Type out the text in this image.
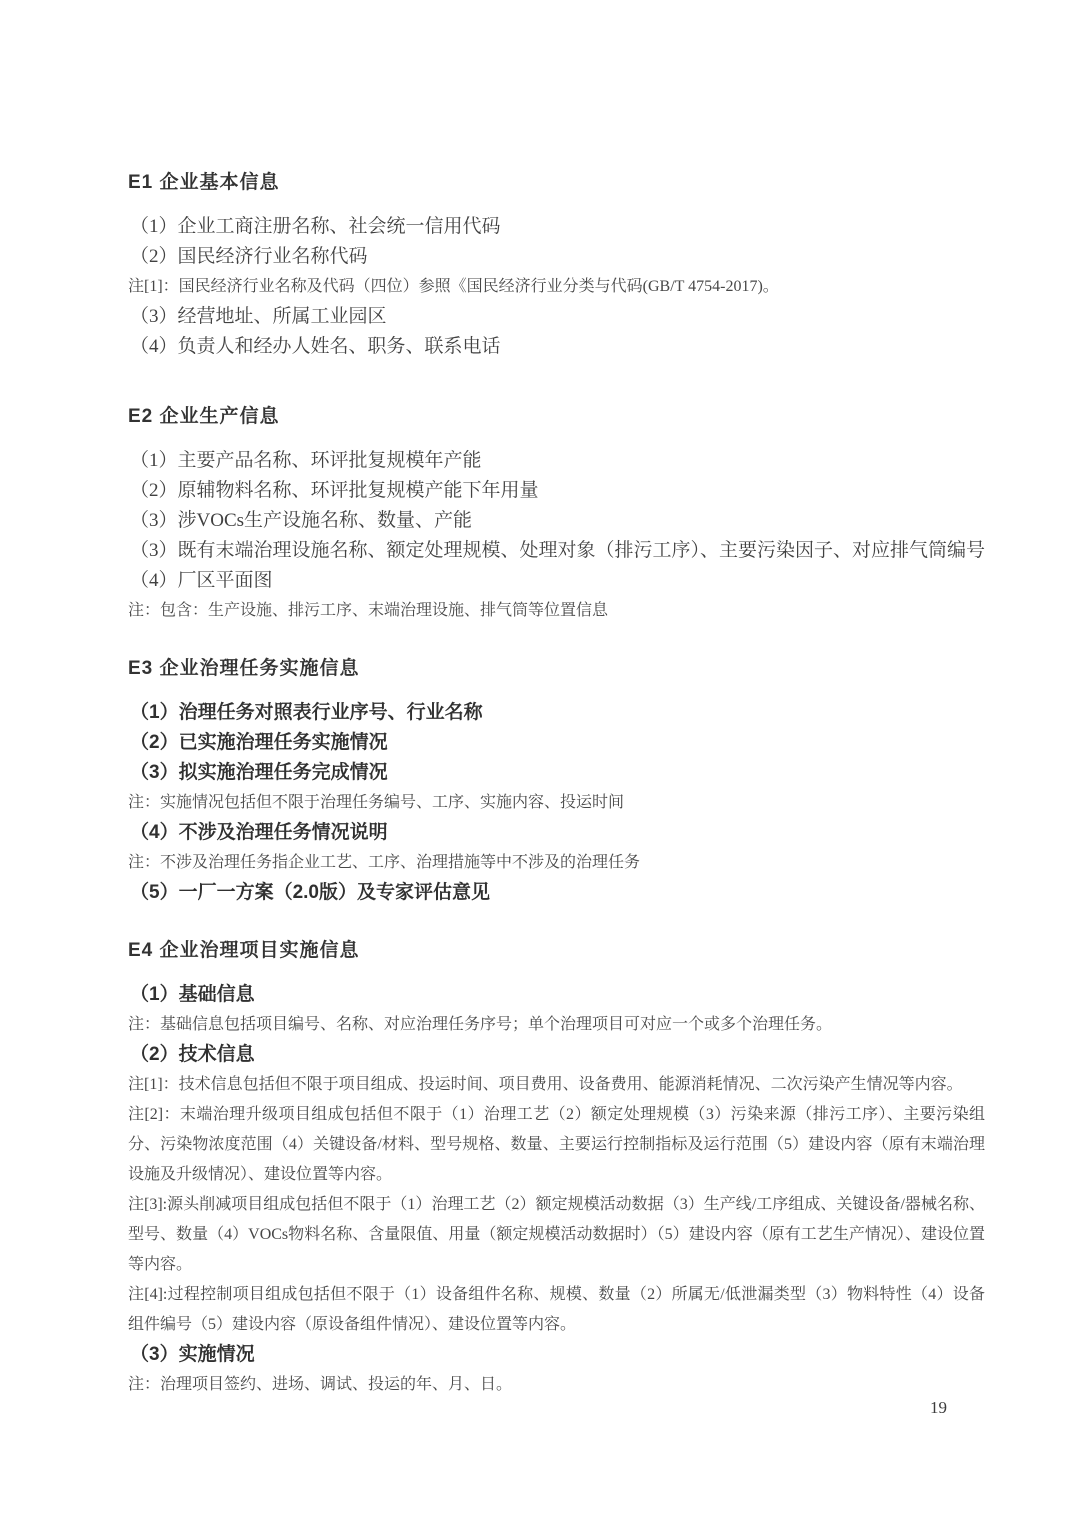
E1 企业基本信息

（1）企业工商注册名称、社会统一信用代码

（2）国民经济行业名称代码

注[1]：国民经济行业名称及代码（四位）参照《国民经济行业分类与代码(GB/T 4754-2017)。

（3）经营地址、所属工业园区

（4）负责人和经办人姓名、职务、联系电话

E2 企业生产信息

（1）主要产品名称、环评批复规模年产能

（2）原辅物料名称、环评批复规模产能下年用量

（3）涉VOCs生产设施名称、数量、产能

（3）既有末端治理设施名称、额定处理规模、处理对象（排污工序）、主要污染因子、对应排气筒编号

（4）厂区平面图

注：包含：生产设施、排污工序、末端治理设施、排气筒等位置信息

E3 企业治理任务实施信息

（1）治理任务对照表行业序号、行业名称

（2）已实施治理任务实施情况

（3）拟实施治理任务完成情况

注：实施情况包括但不限于治理任务编号、工序、实施内容、投运时间

（4）不涉及治理任务情况说明

注：不涉及治理任务指企业工艺、工序、治理措施等中不涉及的治理任务

（5）一厂一方案（2.0版）及专家评估意见

E4 企业治理项目实施信息

（1）基础信息

注：基础信息包括项目编号、名称、对应治理任务序号；单个治理项目可对应一个或多个治理任务。

（2）技术信息

注[1]：技术信息包括但不限于项目组成、投运时间、项目费用、设备费用、能源消耗情况、二次污染产生情况等内容。

注[2]：末端治理升级项目组成包括但不限于（1）治理工艺（2）额定处理规模（3）污染来源（排污工序）、主要污染组分、污染物浓度范围（4）关键设备/材料、型号规格、数量、主要运行控制指标及运行范围（5）建设内容（原有末端治理设施及升级情况）、建设位置等内容。

注[3]:源头削减项目组成包括但不限于（1）治理工艺（2）额定规模活动数据（3）生产线/工序组成、关键设备/器械名称、型号、数量（4）VOCs物料名称、含量限值、用量（额定规模活动数据时）（5）建设内容（原有工艺生产情况）、建设位置等内容。

注[4]:过程控制项目组成包括但不限于（1）设备组件名称、规模、数量（2）所属无/低泄漏类型（3）物料特性（4）设备组件编号（5）建设内容（原设备组件情况）、建设位置等内容。

（3）实施情况

注：治理项目签约、进场、调试、投运的年、月、日。

19
